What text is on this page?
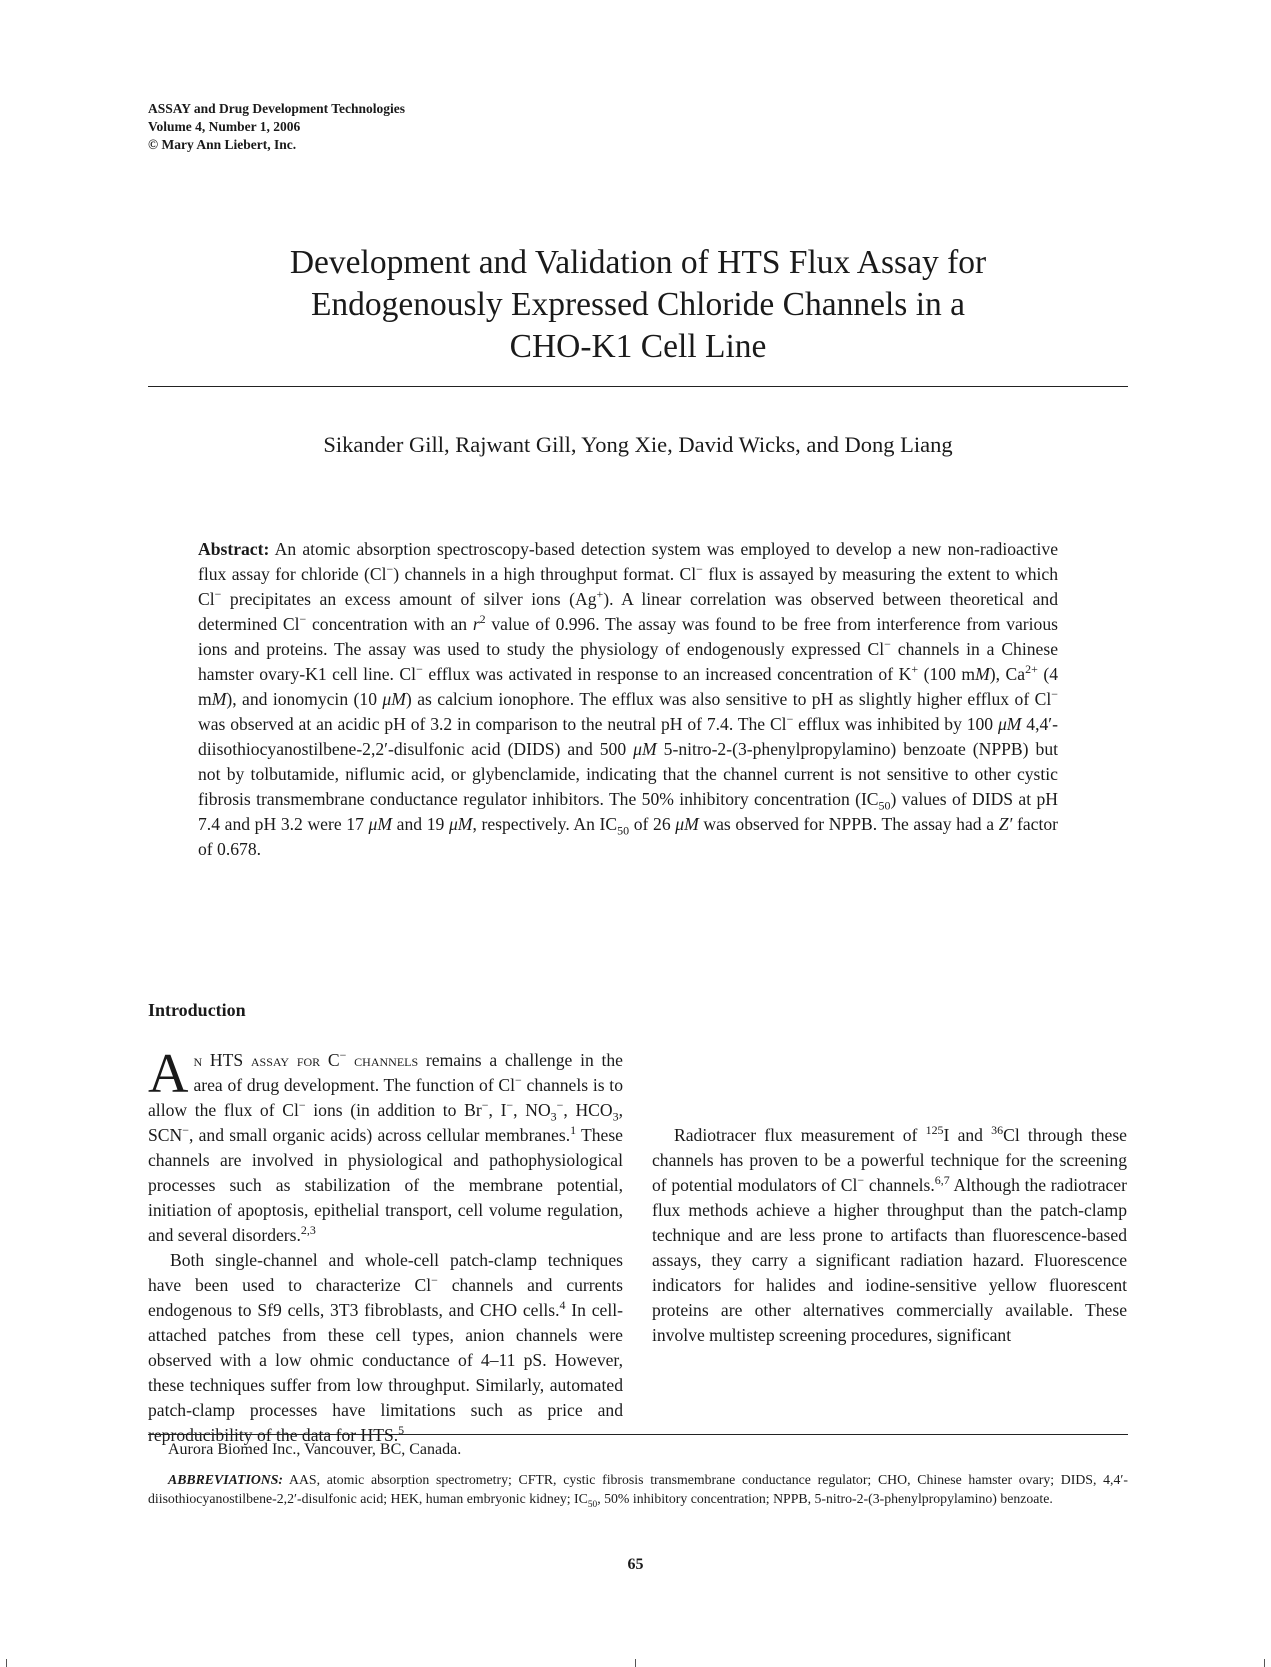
ASSAY and Drug Development Technologies
Volume 4, Number 1, 2006
© Mary Ann Liebert, Inc.
Development and Validation of HTS Flux Assay for
Endogenously Expressed Chloride Channels in a
CHO-K1 Cell Line
Sikander Gill, Rajwant Gill, Yong Xie, David Wicks, and Dong Liang

Abstract: An atomic absorption spectroscopy-based detection system was employed to develop a new non-radioactive flux assay for chloride (Cl−) channels in a high throughput format. Cl− flux is assayed by measuring the extent to which Cl− precipitates an excess amount of silver ions (Ag+). A linear correlation was observed between theoretical and determined Cl− concentration with an $r^2$ value of 0.996. The assay was found to be free from interference from various ions and proteins. The assay was used to study the physiology of endogenously expressed Cl− channels in a Chinese hamster ovary-K1 cell line. Cl− efflux was activated in response to an increased concentration of K+ (100 mM), $Ca^{2+}$ (4 mM), and ionomycin (10 μM) as calcium ionophore. The efflux was also sensitive to pH as slightly higher efflux of Cl− was observed at an acidic pH of 3.2 in comparison to the neutral pH of 7.4. The Cl− efflux was inhibited by 100 μM 4,4′-diisothiocyanostilbene-2,2′-disulfonic acid (DIDS) and 500 μM 5-nitro-2-(3-phenylpropylamino) benzoate (NPPB) but not by tolbutamide, niflumic acid, or glybenclamide, indicating that the channel current is not sensitive to other cystic fibrosis transmembrane conductance regulator inhibitors. The 50% inhibitory concentration $(IC_{50})$ values of DIDS at pH 7.4 and pH 3.2 were 17 μM and 19 μM, respectively. An $IC_{50}$ of 26 μM was observed for NPPB. The assay had a Z′ factor of 0.678.

Introduction

An HTS assay for C− channels remains a challenge in the area of drug development. The function of Cl− channels is to allow the flux of Cl− ions (in addition to Br−, I−, $NO_3^-$, $HCO_3$, SCN−, and small organic acids) across cellular membranes.$^1$ These channels are involved in physiological and pathophysiological processes such as stabilization of the membrane potential, initiation of apoptosis, epithelial transport, cell volume regulation, and several disorders.$^{2,3}$

Both single-channel and whole-cell patch-clamp techniques have been used to characterize Cl− channels and currents endogenous to Sf9 cells, 3T3 fibroblasts, and CHO cells.$^4$ In cell-attached patches from these cell types, anion channels were observed with a low ohmic conductance of 4–11 pS. However, these techniques suffer from low throughput. Similarly, automated patch-clamp processes have limitations such as price and reproducibility of the data for HTS.$^5$

Radiotracer flux measurement of $^{125}$I and $^{36}$Cl through these channels has proven to be a powerful technique for the screening of potential modulators of Cl− channels.$^{6,7}$ Although the radiotracer flux methods achieve a higher throughput than the patch-clamp technique and are less prone to artifacts than fluorescence-based assays, they carry a significant radiation hazard. Fluorescence indicators for halides and iodine-sensitive yellow fluorescent proteins are other alternatives commercially available. These involve multistep screening procedures, significant

Aurora Biomed Inc., Vancouver, BC, Canada.

ABBREVIATIONS: AAS, atomic absorption spectrometry; CFTR, cystic fibrosis transmembrane conductance regulator; CHO, Chinese hamster ovary; DIDS, 4,4′-diisothiocyanostilbene-2,2′-disulfonic acid; HEK, human embryonic kidney; $IC_{50}$, 50% inhibitory concentration; NPPB, 5-nitro-2-(3-phenylpropylamino) benzoate.

65
